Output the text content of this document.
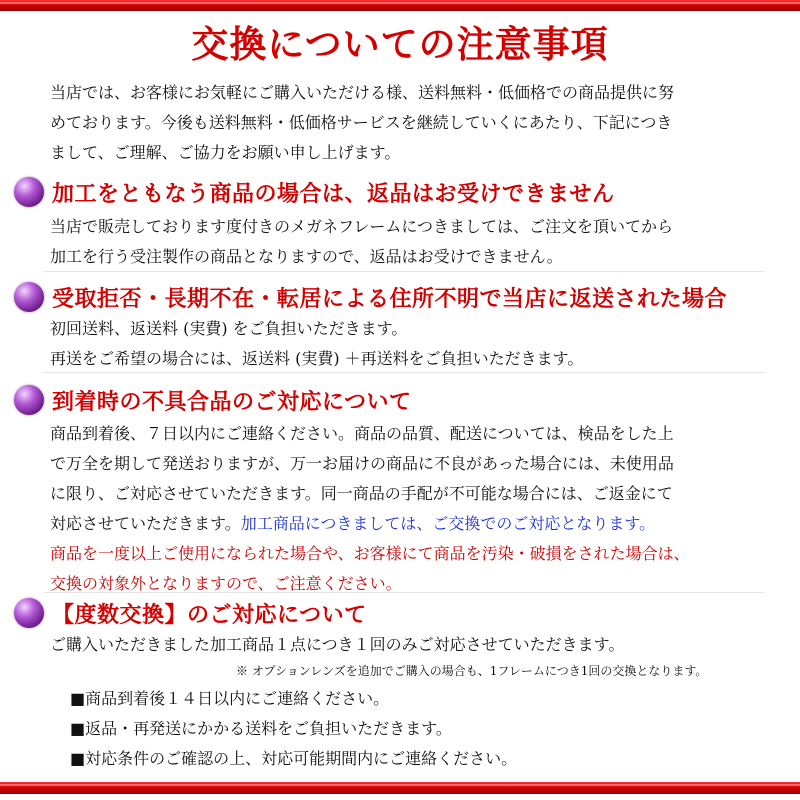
交換についての注意事項
当店では、お客様にお気軽にご購入いただける様、送料無料・低価格での商品提供に努
めております。今後も送料無料・低価格サービスを継続していくにあたり、下記につき
まして、ご理解、ご協力をお願い申し上げます。
加工をともなう商品の場合は、返品はお受けできません
当店で販売しております度付きのメガネフレームにつきましては、ご注文を頂いてから
加工を行う受注製作の商品となりますので、返品はお受けできません。
受取拒否・長期不在・転居による住所不明で当店に返送された場合
初回送料、返送料 (実費) をご負担いただきます。
再送をご希望の場合には、返送料 (実費) ＋再送料をご負担いただきます。
到着時の不具合品のご対応について
商品到着後、７日以内にご連絡ください。商品の品質、配送については、検品をした上
で万全を期して発送おりますが、万一お届けの商品に不良があった場合には、未使用品
に限り、ご対応させていただきます。同一商品の手配が不可能な場合には、ご返金にて
対応させていただきます。加工商品につきましては、ご交換でのご対応となります。
商品を一度以上ご使用になられた場合や、お客様にて商品を汚染・破損をされた場合は、
交換の対象外となりますので、ご注意ください。
【度数交換】のご対応について
ご購入いただきました加工商品１点につき１回のみご対応させていただきます。
※ オプションレンズを追加でご購入の場合も、1フレームにつき1回の交換となります。
■商品到着後１４日以内にご連絡ください。
■返品・再発送にかかる送料をご負担いただきます。
■対応条件のご確認の上、対応可能期間内にご連絡ください。
